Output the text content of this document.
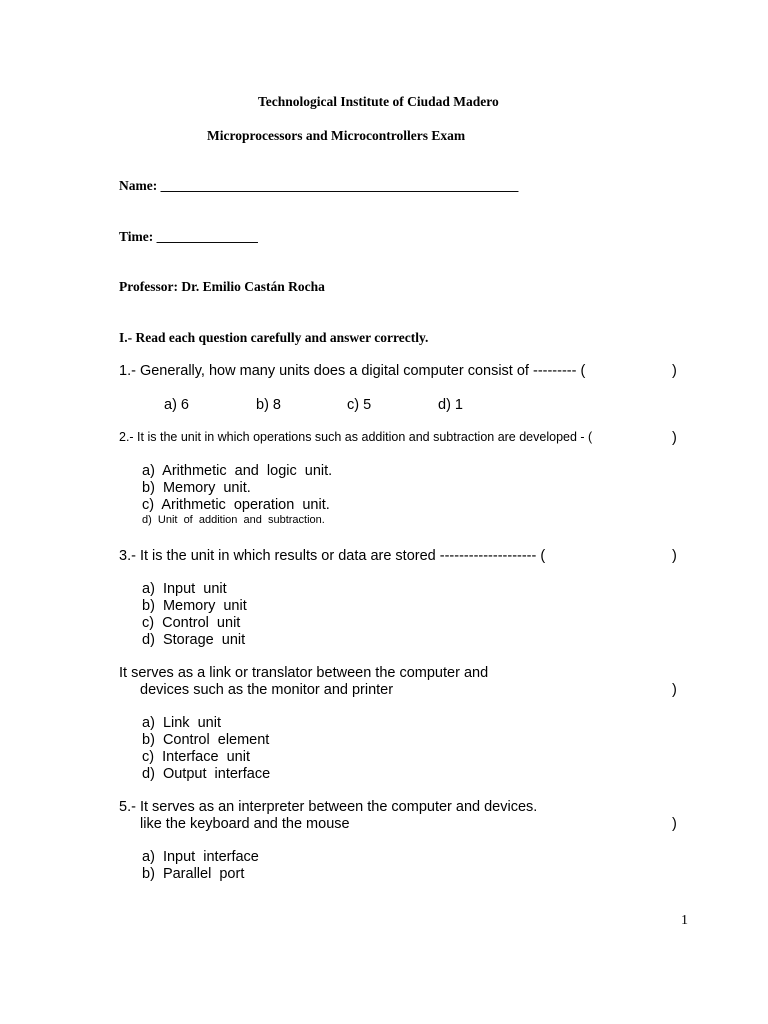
Technological Institute of Ciudad Madero
Microprocessors and Microcontrollers Exam
Name: _____________________________________________________
Time: _______________
Professor: Dr. Emilio Castán Rocha
I.- Read each question carefully and answer correctly.
1.- Generally, how many units does a digital computer consist of --------- (	)
a) 6	b) 8	c) 5	d) 1
2.- It is the unit in which operations such as addition and subtraction are developed - (	)
a)  Arithmetic  and  logic  unit.
b)  Memory  unit.
c)  Arithmetic  operation  unit.
d)  Unit  of  addition  and  subtraction.
3.- It is the unit in which results or data are stored -------------------- (	)
a)  Input  unit
b)  Memory  unit
c)  Control  unit
d)  Storage  unit
It serves as a link or translator between the computer and
devices such as the monitor and printer	)
a)  Link  unit
b)  Control  element
c)  Interface  unit
d)  Output  interface
5.- It serves as an interpreter between the computer and devices.
like the keyboard and the mouse	)
a)  Input  interface
b)  Parallel  port
1
